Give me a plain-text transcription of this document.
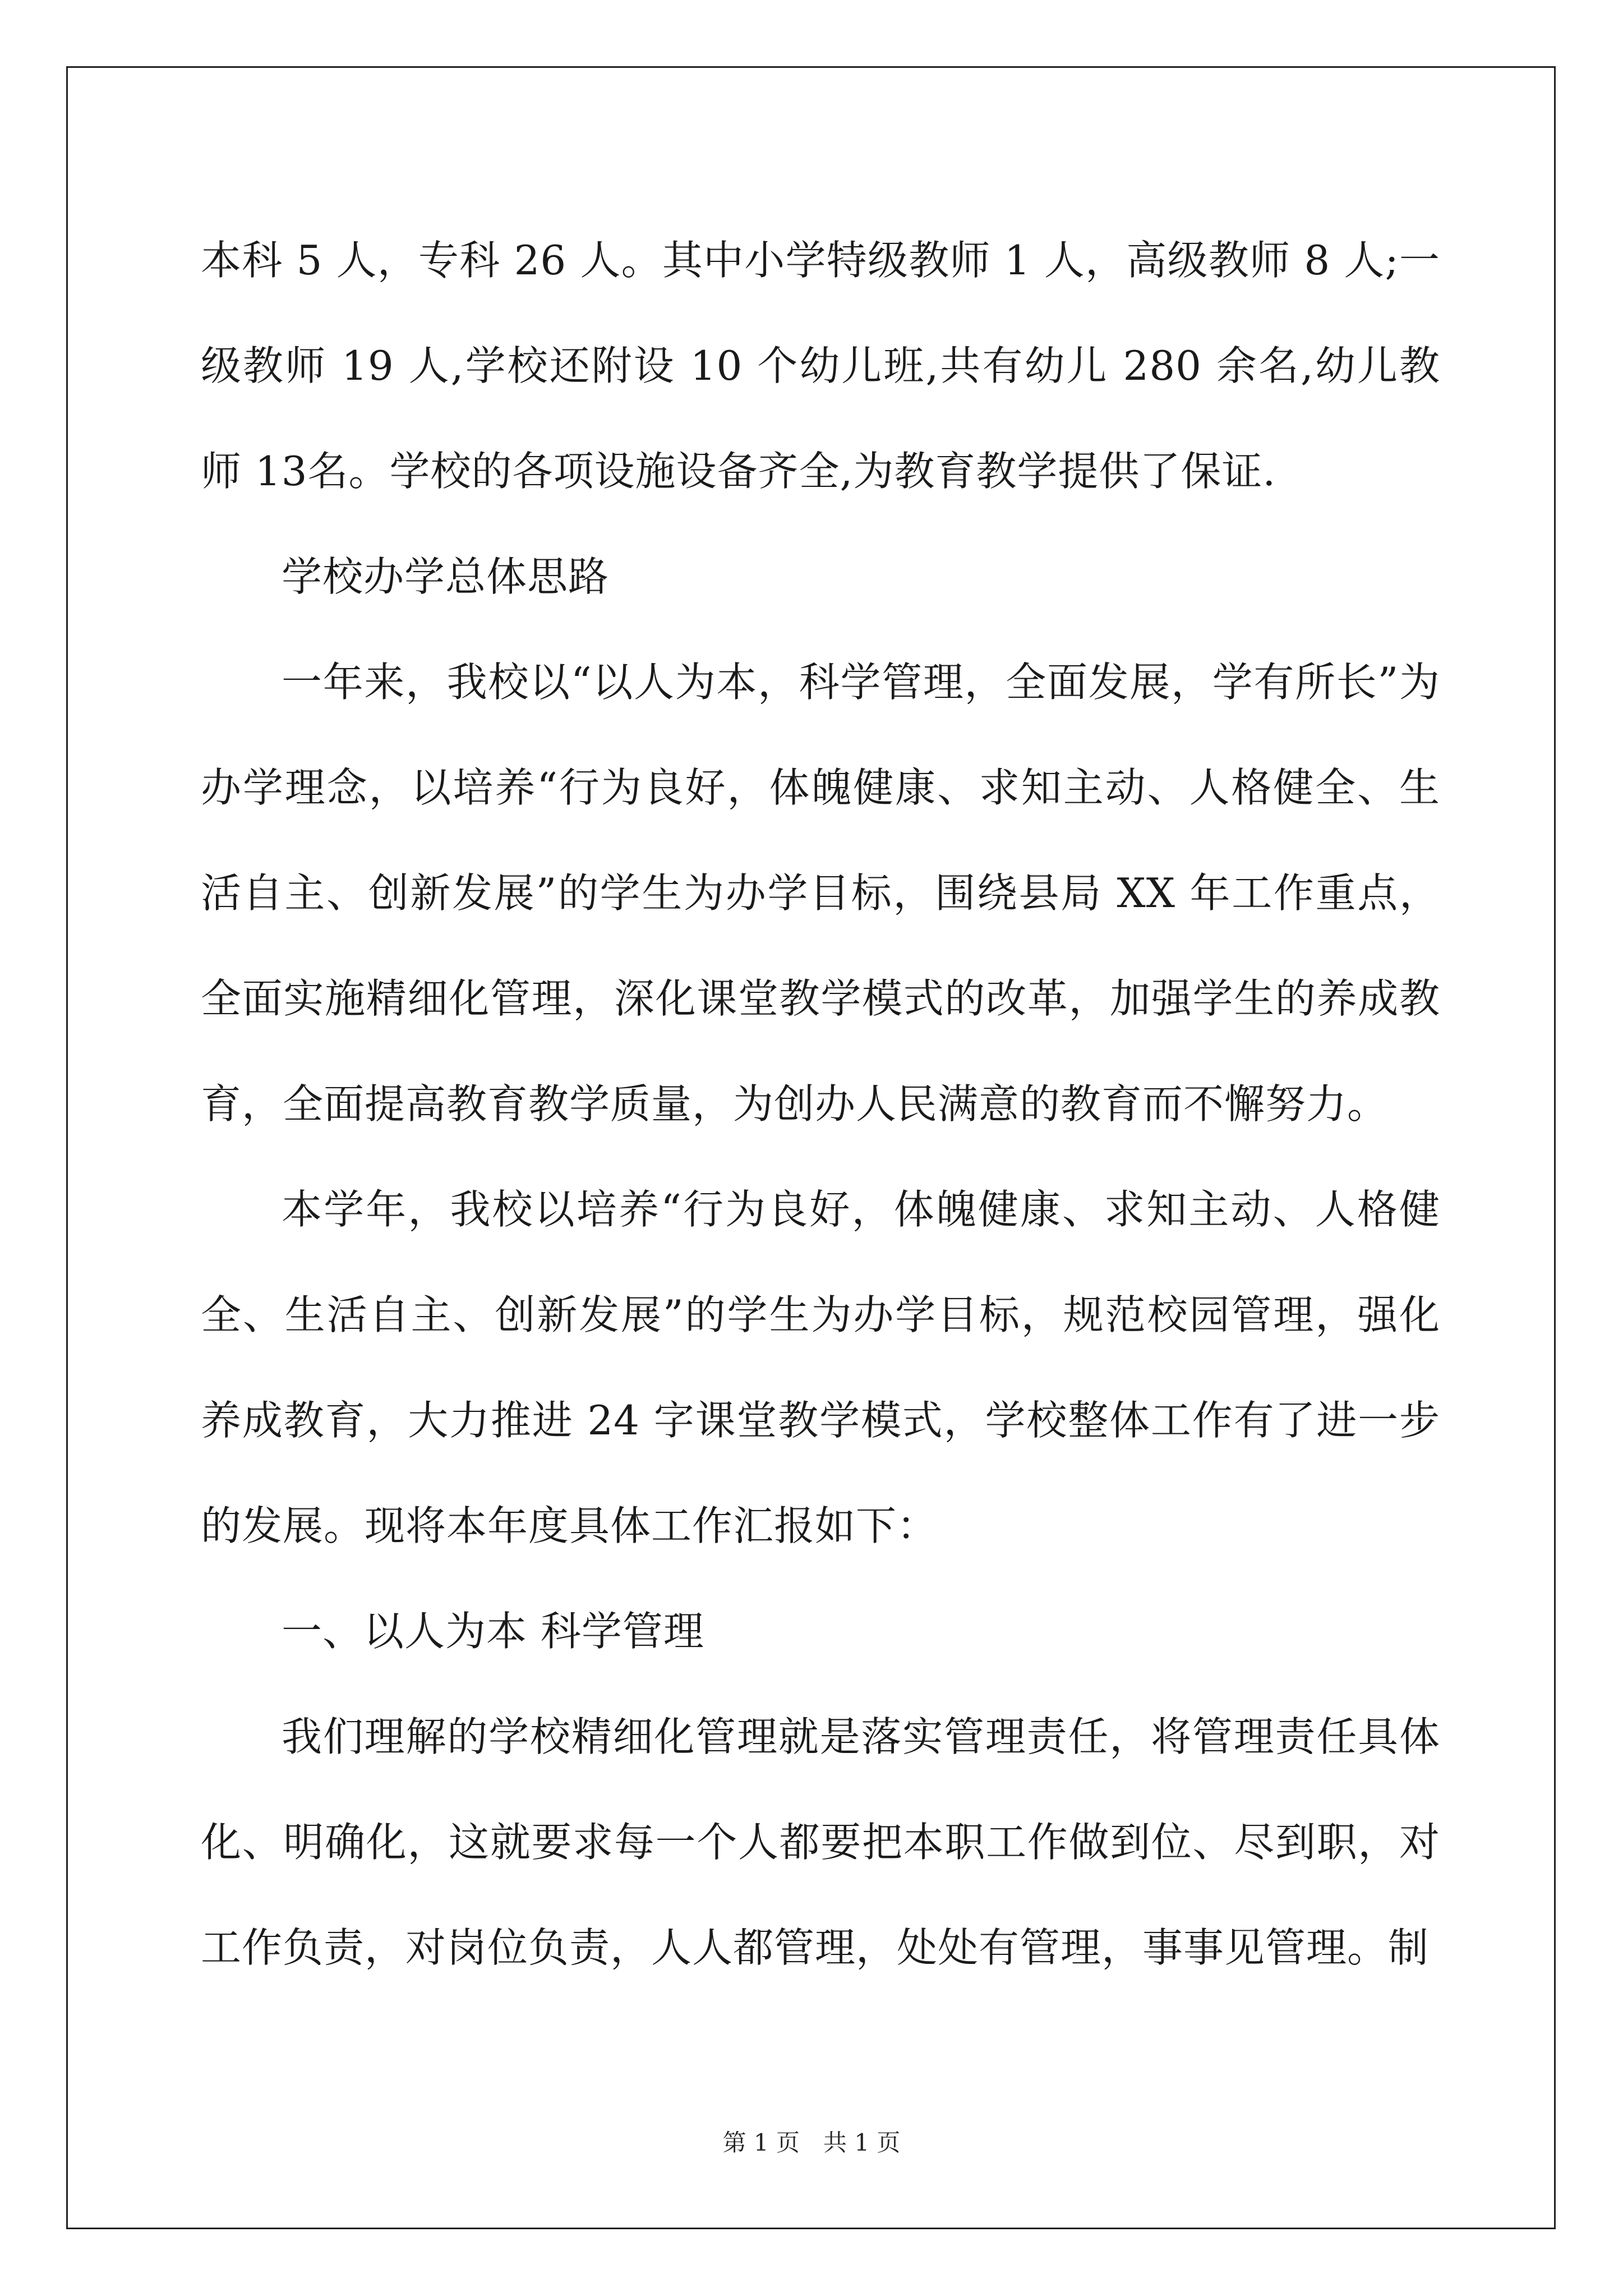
本科 5 人，专科 26 人。其中小学特级教师 1 人，高级教师 8 人;一级教师 19 人,学校还附设 10 个幼儿班,共有幼儿 280 余名,幼儿教师 13名。学校的各项设施设备齐全,为教育教学提供了保证.

学校办学总体思路

一年来，我校以“以人为本，科学管理，全面发展，学有所长”为办学理念，以培养“行为良好，体魄健康、求知主动、人格健全、生活自主、创新发展”的学生为办学目标，围绕县局 XX 年工作重点，全面实施精细化管理，深化课堂教学模式的改革，加强学生的养成教育，全面提高教育教学质量，为创办人民满意的教育而不懈努力。

本学年，我校以培养“行为良好，体魄健康、求知主动、人格健全、生活自主、创新发展”的学生为办学目标，规范校园管理，强化养成教育，大力推进 24 字课堂教学模式，学校整体工作有了进一步的发展。现将本年度具体工作汇报如下：

一、以人为本 科学管理

我们理解的学校精细化管理就是落实管理责任，将管理责任具体化、明确化，这就要求每一个人都要把本职工作做到位、尽到职，对工作负责，对岗位负责，人人都管理，处处有管理，事事见管理。制

第 1 页　共 1 页
